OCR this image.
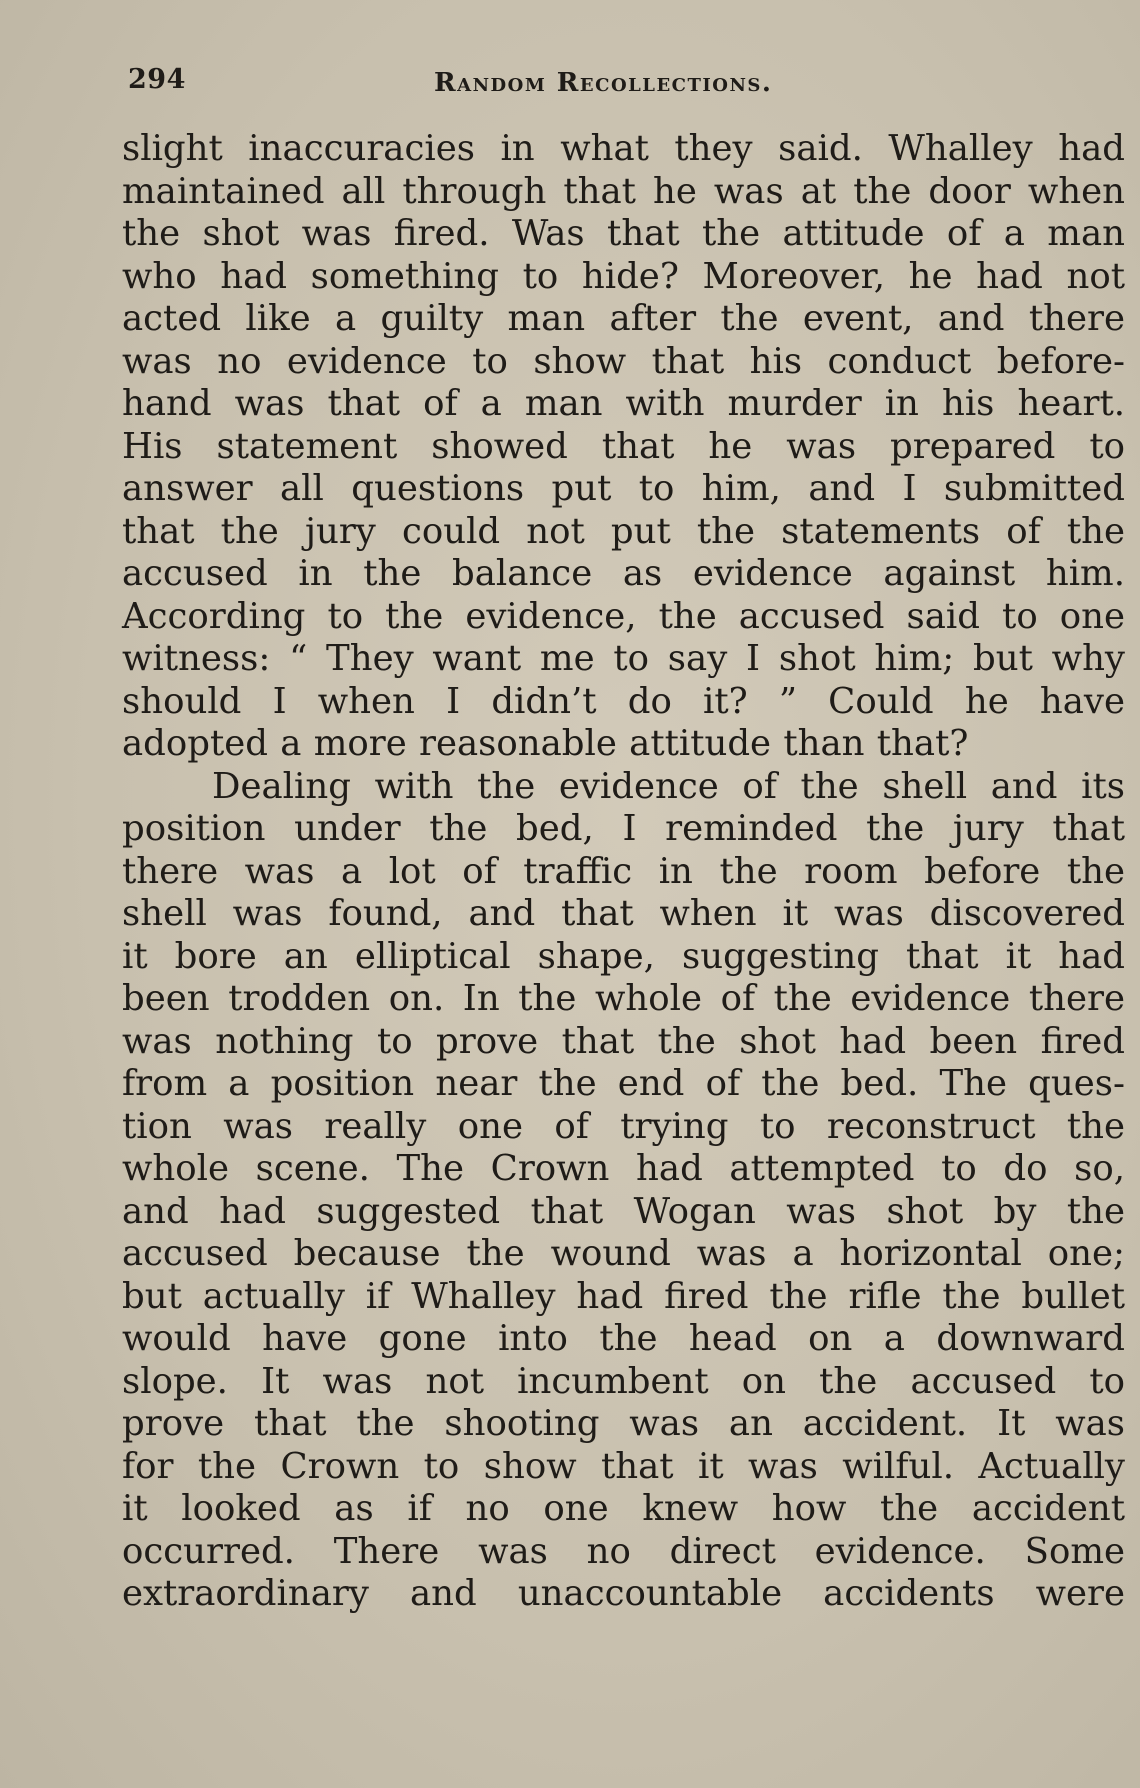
294	Random Recollections.
slight inaccuracies in what they said. Whalley had
maintained all through that he was at the door when
the shot was fired. Was that the attitude of a man
who had something to hide? Moreover, he had not
acted like a guilty man after the event, and there
was no evidence to show that his conduct before-
hand was that of a man with murder in his heart.
His statement showed that he was prepared to
answer all questions put to him, and I submitted
that the jury could not put the statements of the
accused in the balance as evidence against him.
According to the evidence, the accused said to one
witness: “ They want me to say I shot him; but why
should I when I didn’t do it? ” Could he have
adopted a more reasonable attitude than that?
Dealing with the evidence of the shell and its
position under the bed, I reminded the jury that
there was a lot of traffic in the room before the
shell was found, and that when it was discovered
it bore an elliptical shape, suggesting that it had
been trodden on. In the whole of the evidence there
was nothing to prove that the shot had been fired
from a position near the end of the bed. The ques-
tion was really one of trying to reconstruct the
whole scene. The Crown had attempted to do so,
and had suggested that Wogan was shot by the
accused because the wound was a horizontal one;
but actually if Whalley had fired the rifle the bullet
would have gone into the head on a downward
slope. It was not incumbent on the accused to
prove that the shooting was an accident. It was
for the Crown to show that it was wilful. Actually
it looked as if no one knew how the accident
occurred. There was no direct evidence. Some
extraordinary and unaccountable accidents were
